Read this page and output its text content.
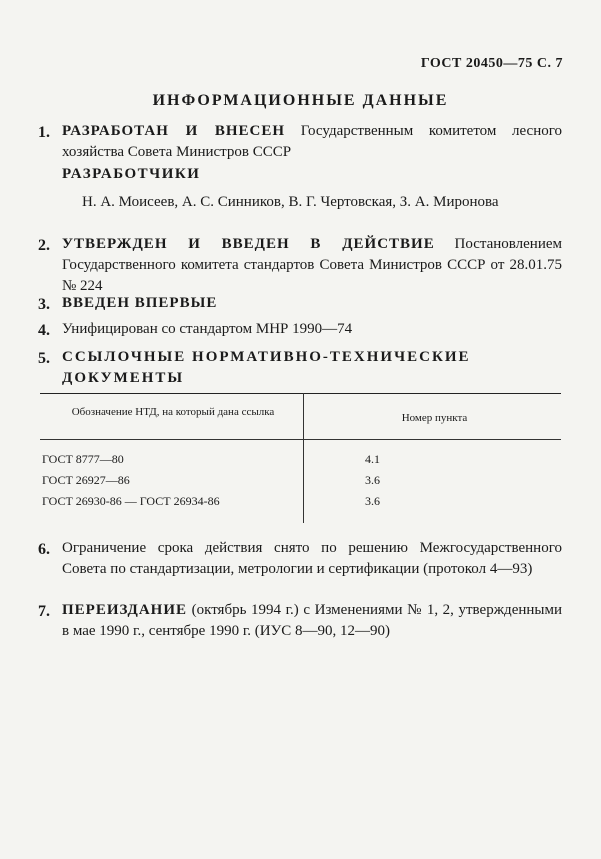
ГОСТ 20450—75 С. 7
ИНФОРМАЦИОННЫЕ ДАННЫЕ
1. РАЗРАБОТАН И ВНЕСЕН Государственным комитетом лесного хозяйства Совета Министров СССР
РАЗРАБОТЧИКИ
Н. А. Моисеев, А. С. Синников, В. Г. Чертовская, З. А. Миронова
2. УТВЕРЖДЕН И ВВЕДЕН В ДЕЙСТВИЕ Постановлением Государственного комитета стандартов Совета Министров СССР от 28.01.75 № 224
3. ВВЕДЕН ВПЕРВЫЕ
4. Унифицирован со стандартом МНР 1990—74
5. ССЫЛОЧНЫЕ НОРМАТИВНО-ТЕХНИЧЕСКИЕ ДОКУМЕНТЫ
Обозначение НТД, на который дана ссылка	Номер пункта
ГОСТ 8777—80	4.1
ГОСТ 26927—86	3.6
ГОСТ 26930-86 — ГОСТ 26934-86	3.6
6. Ограничение срока действия снято по решению Межгосударственного Совета по стандартизации, метрологии и сертификации (протокол 4—93)
7. ПЕРЕИЗДАНИЕ (октябрь 1994 г.) с Изменениями № 1, 2, утвержденными в мае 1990 г., сентябре 1990 г. (ИУС 8—90, 12—90)
